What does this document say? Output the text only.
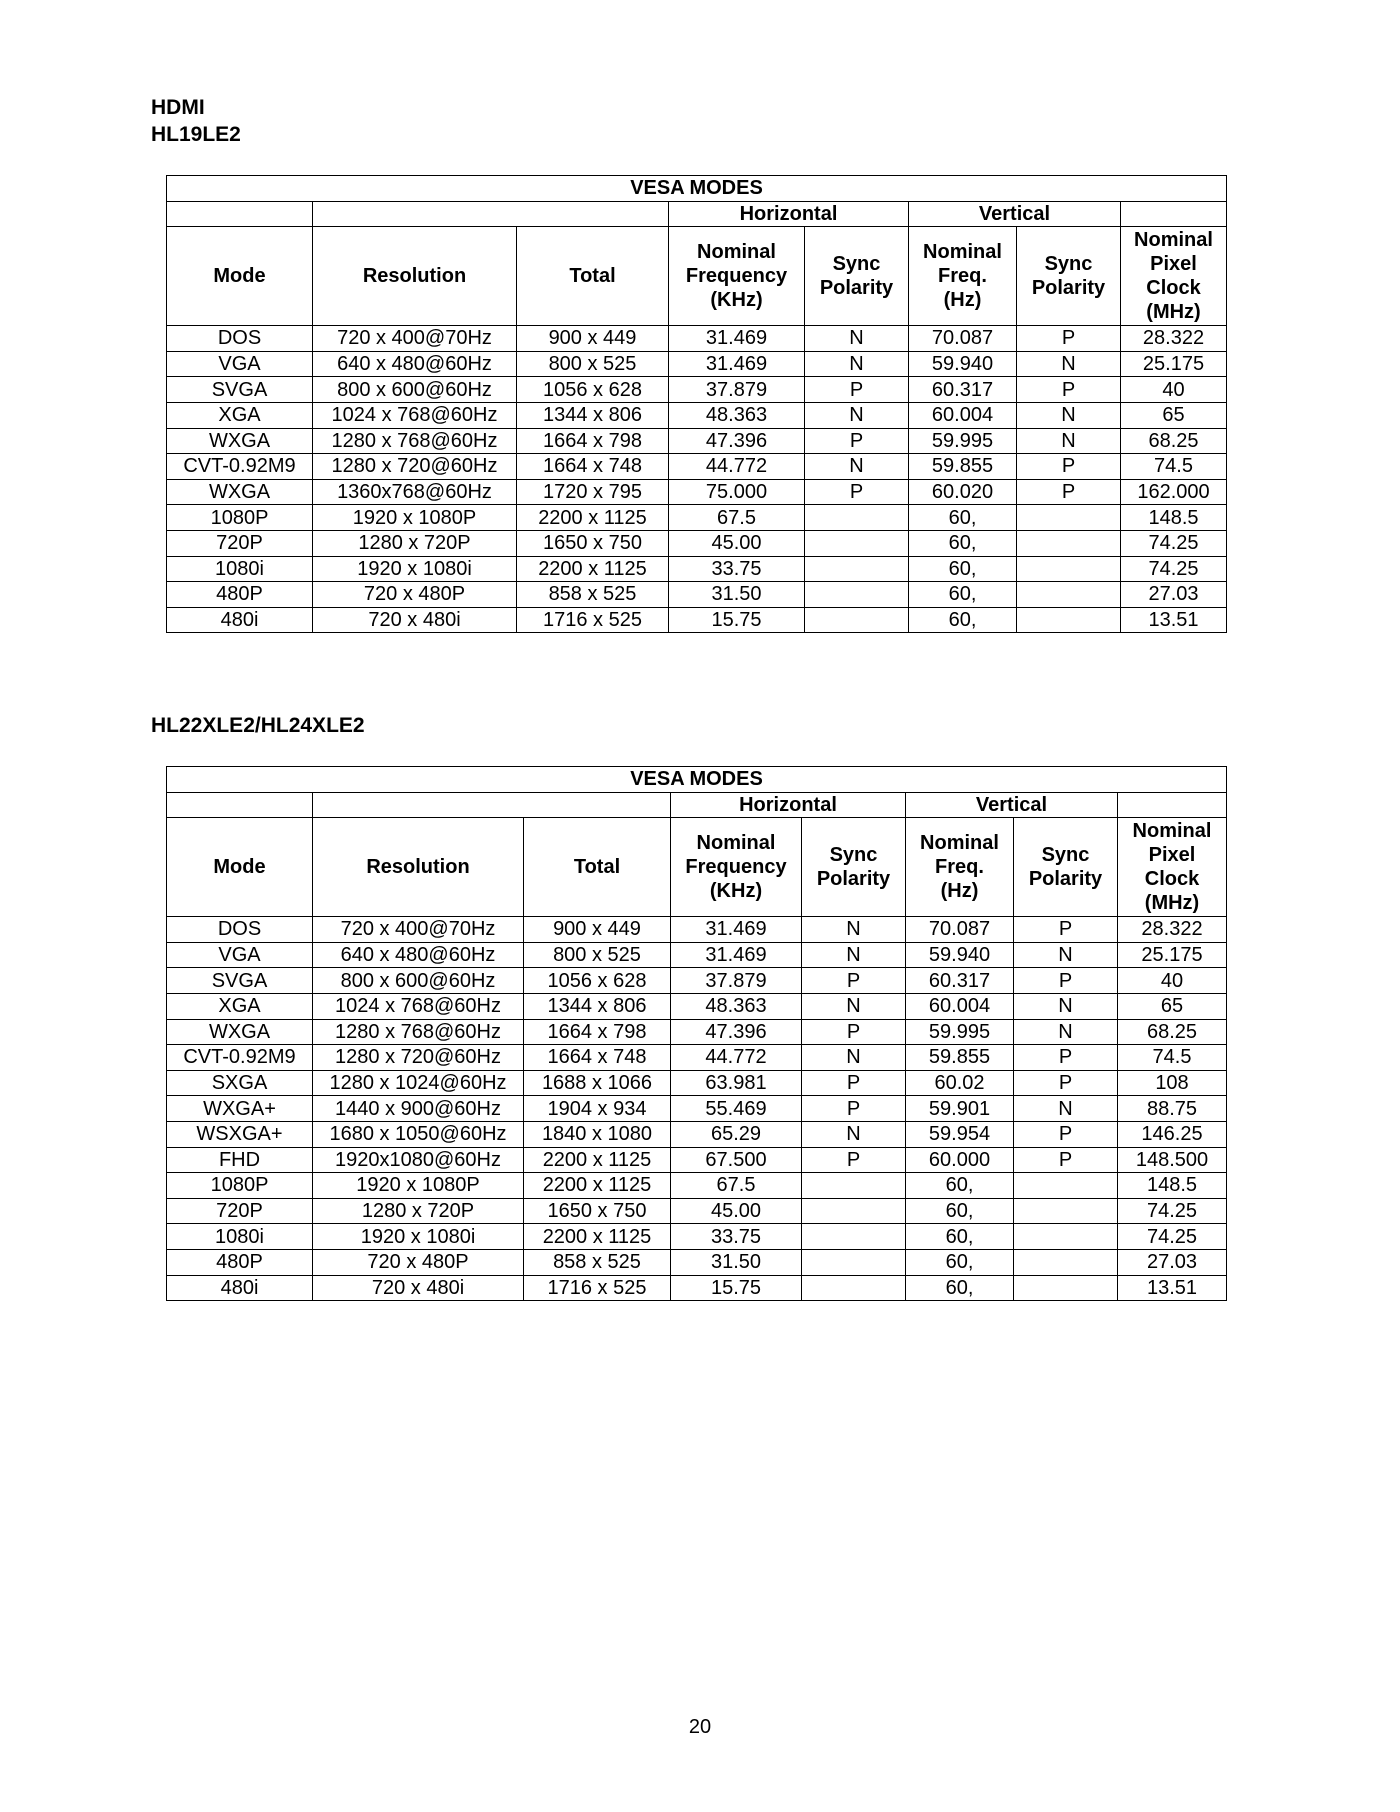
HDMI
HL19LE2
VESA MODES							
			Horizontal		Vertical		
Mode	Resolution	Total	Nominal
Frequency
(KHz)	Sync
Polarity	Nominal
Freq.
(Hz)	Sync
Polarity	Nominal
Pixel
Clock
(MHz)
DOS	720 x 400@70Hz	900 x 449	31.469	N	70.087	P	28.322
VGA	640 x 480@60Hz	800 x 525	31.469	N	59.940	N	25.175
SVGA	800 x 600@60Hz	1056 x 628	37.879	P	60.317	P	40
XGA	1024 x 768@60Hz	1344 x 806	48.363	N	60.004	N	65
WXGA	1280 x 768@60Hz	1664 x 798	47.396	P	59.995	N	68.25
CVT-0.92M9	1280 x 720@60Hz	1664 x 748	44.772	N	59.855	P	74.5
WXGA	1360x768@60Hz	1720 x 795	75.000	P	60.020	P	162.000
1080P	1920 x 1080P	2200 x 1125	67.5		60,		148.5
720P	1280 x 720P	1650 x 750	45.00		60,		74.25
1080i	1920 x 1080i	2200 x 1125	33.75		60,		74.25
480P	720 x 480P	858 x 525	31.50		60,		27.03
480i	720 x 480i	1716 x 525	15.75		60,		13.51
HL22XLE2/HL24XLE2
VESA MODES							
			Horizontal		Vertical		
Mode	Resolution	Total	Nominal
Frequency
(KHz)	Sync
Polarity	Nominal
Freq.
(Hz)	Sync
Polarity	Nominal
Pixel
Clock
(MHz)
DOS	720 x 400@70Hz	900 x 449	31.469	N	70.087	P	28.322
VGA	640 x 480@60Hz	800 x 525	31.469	N	59.940	N	25.175
SVGA	800 x 600@60Hz	1056 x 628	37.879	P	60.317	P	40
XGA	1024 x 768@60Hz	1344 x 806	48.363	N	60.004	N	65
WXGA	1280 x 768@60Hz	1664 x 798	47.396	P	59.995	N	68.25
CVT-0.92M9	1280 x 720@60Hz	1664 x 748	44.772	N	59.855	P	74.5
SXGA	1280 x 1024@60Hz	1688 x 1066	63.981	P	60.02	P	108
WXGA+	1440 x 900@60Hz	1904 x 934	55.469	P	59.901	N	88.75
WSXGA+	1680 x 1050@60Hz	1840 x 1080	65.29	N	59.954	P	146.25
FHD	1920x1080@60Hz	2200 x 1125	67.500	P	60.000	P	148.500
1080P	1920 x 1080P	2200 x 1125	67.5		60,		148.5
720P	1280 x 720P	1650 x 750	45.00		60,		74.25
1080i	1920 x 1080i	2200 x 1125	33.75		60,		74.25
480P	720 x 480P	858 x 525	31.50		60,		27.03
480i	720 x 480i	1716 x 525	15.75		60,		13.51
20
